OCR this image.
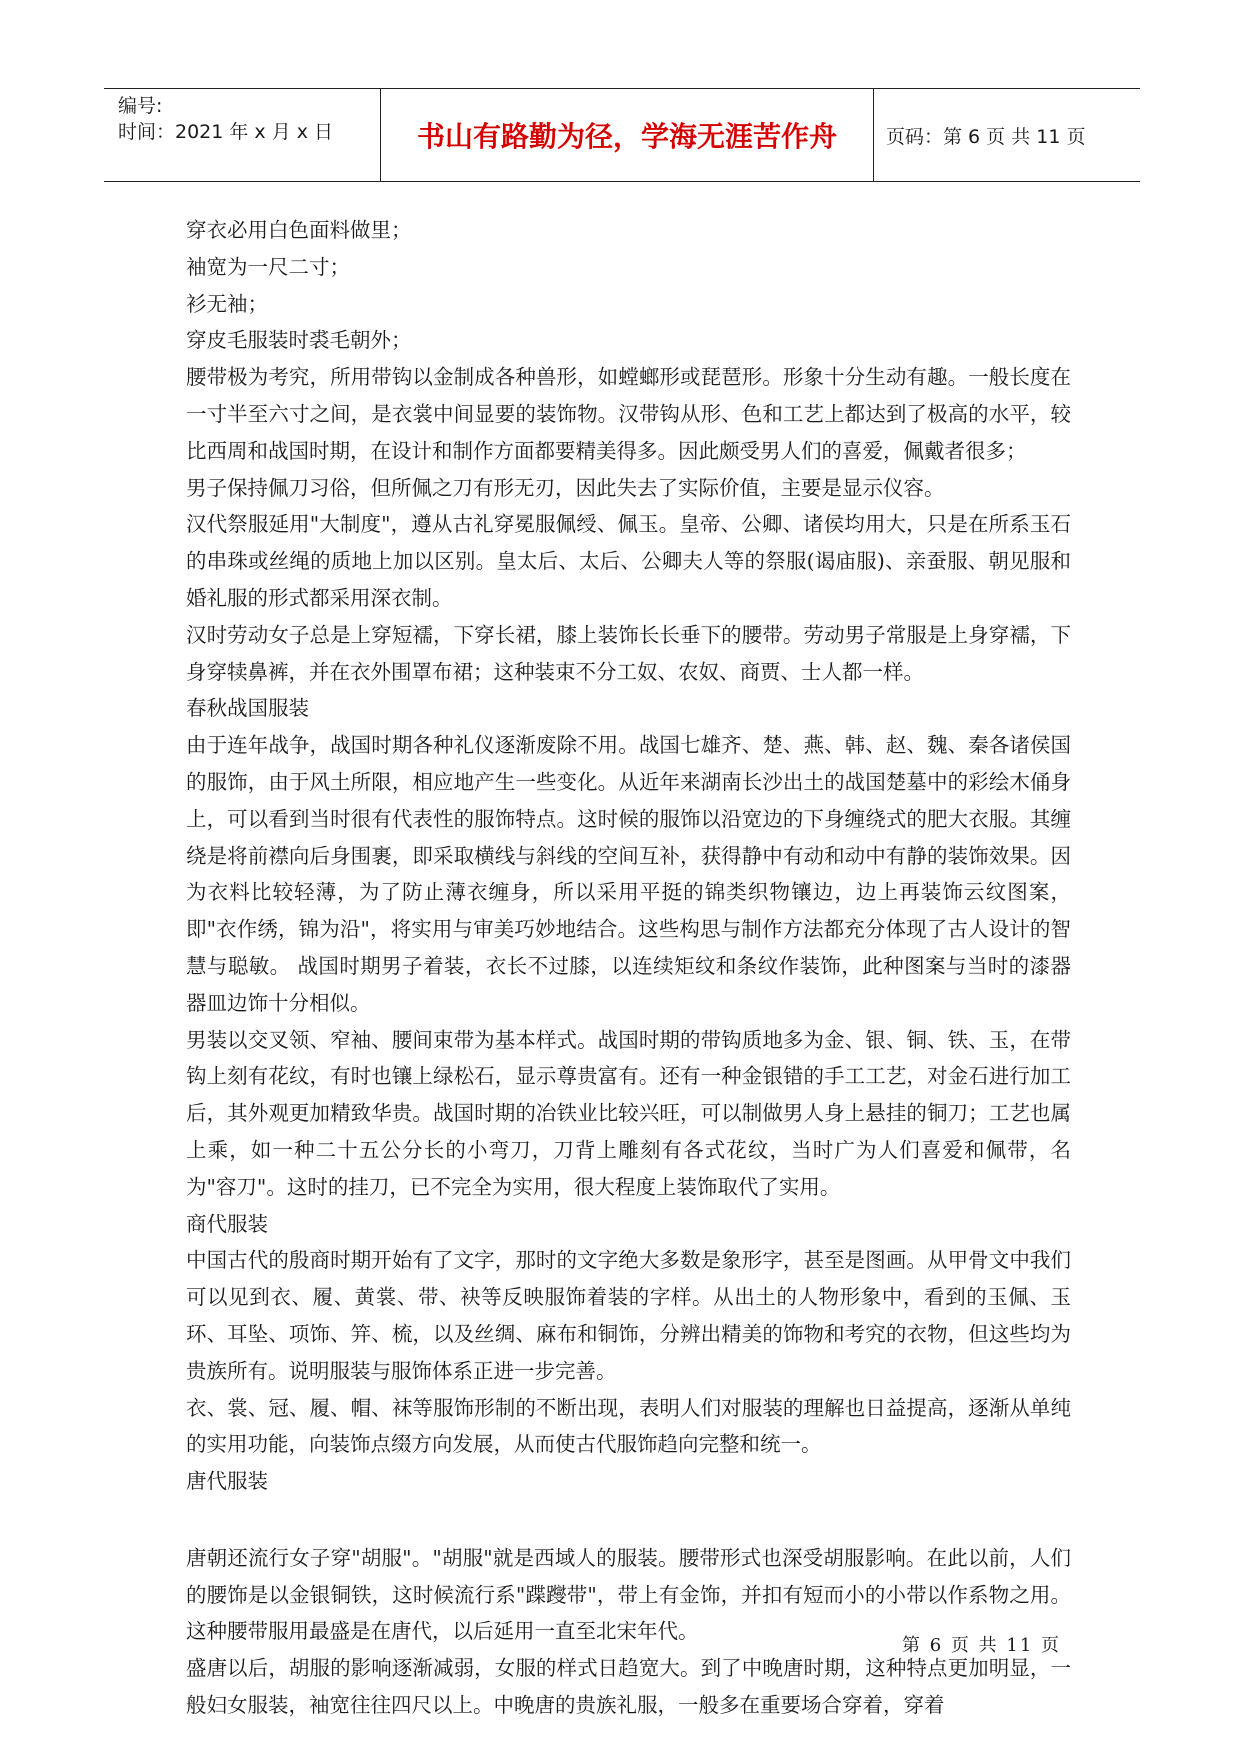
编号:
时间：2021 年 x 月 x 日	书山有路勤为径，学海无涯苦作舟	页码：第 6 页 共 11 页

穿衣必用白色面料做里；

袖宽为一尺二寸；

衫无袖；

穿皮毛服装时裘毛朝外；

腰带极为考究，所用带钩以金制成各种兽形，如螳螂形或琵琶形。形象十分生动有趣。一般长度在一寸半至六寸之间，是衣裳中间显要的装饰物。汉带钩从形、色和工艺上都达到了极高的水平，较比西周和战国时期，在设计和制作方面都要精美得多。因此颇受男人们的喜爱，佩戴者很多；

男子保持佩刀习俗，但所佩之刀有形无刃，因此失去了实际价值，主要是显示仪容。

汉代祭服延用"大制度"，遵从古礼穿冕服佩绶、佩玉。皇帝、公卿、诸侯均用大，只是在所系玉石的串珠或丝绳的质地上加以区别。皇太后、太后、公卿夫人等的祭服(谒庙服)、亲蚕服、朝见服和婚礼服的形式都采用深衣制。

汉时劳动女子总是上穿短襦，下穿长裙，膝上装饰长长垂下的腰带。劳动男子常服是上身穿襦，下身穿犊鼻裤，并在衣外围罩布裙；这种装束不分工奴、农奴、商贾、士人都一样。

春秋战国服装

由于连年战争，战国时期各种礼仪逐渐废除不用。战国七雄齐、楚、燕、韩、赵、魏、秦各诸侯国的服饰，由于风土所限，相应地产生一些变化。从近年来湖南长沙出土的战国楚墓中的彩绘木俑身上，可以看到当时很有代表性的服饰特点。这时候的服饰以沿宽边的下身缠绕式的肥大衣服。其缠绕是将前襟向后身围裹，即采取横线与斜线的空间互补，获得静中有动和动中有静的装饰效果。因为衣料比较轻薄，为了防止薄衣缠身，所以采用平挺的锦类织物镶边，边上再装饰云纹图案，即"衣作绣，锦为沿"，将实用与审美巧妙地结合。这些构思与制作方法都充分体现了古人设计的智慧与聪敏。 战国时期男子着装，衣长不过膝，以连续矩纹和条纹作装饰，此种图案与当时的漆器器皿边饰十分相似。

男装以交叉领、窄袖、腰间束带为基本样式。战国时期的带钩质地多为金、银、铜、铁、玉，在带钩上刻有花纹，有时也镶上绿松石，显示尊贵富有。还有一种金银错的手工工艺，对金石进行加工后，其外观更加精致华贵。战国时期的冶铁业比较兴旺，可以制做男人身上悬挂的铜刀；工艺也属上乘，如一种二十五公分长的小弯刀，刀背上雕刻有各式花纹，当时广为人们喜爱和佩带，名为"容刀"。这时的挂刀，已不完全为实用，很大程度上装饰取代了实用。

商代服装

中国古代的殷商时期开始有了文字，那时的文字绝大多数是象形字，甚至是图画。从甲骨文中我们可以见到衣、履、黄裳、带、袂等反映服饰着装的字样。从出土的人物形象中，看到的玉佩、玉环、耳坠、项饰、笄、梳，以及丝绸、麻布和铜饰，分辨出精美的饰物和考究的衣物，但这些均为贵族所有。说明服装与服饰体系正进一步完善。

衣、裳、冠、履、帽、袜等服饰形制的不断出现，表明人们对服装的理解也日益提高，逐渐从单纯的实用功能，向装饰点缀方向发展，从而使古代服饰趋向完整和统一。

唐代服装

唐朝还流行女子穿"胡服"。"胡服"就是西域人的服装。腰带形式也深受胡服影响。在此以前，人们的腰饰是以金银铜铁，这时候流行系"蹀躞带"，带上有金饰，并扣有短而小的小带以作系物之用。这种腰带服用最盛是在唐代，以后延用一直至北宋年代。

盛唐以后，胡服的影响逐渐减弱，女服的样式日趋宽大。到了中晚唐时期，这种特点更加明显，一般妇女服装，袖宽往往四尺以上。中晚唐的贵族礼服，一般多在重要场合穿着，穿着

第 6 页 共 11 页
